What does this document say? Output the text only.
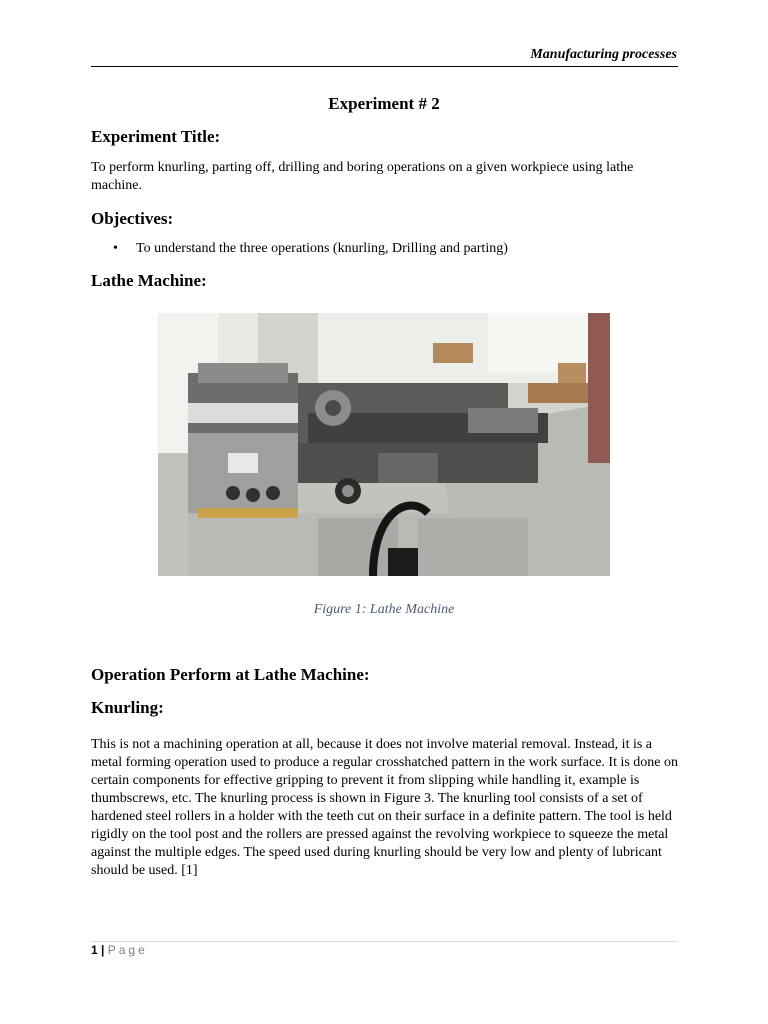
Manufacturing processes
Experiment # 2
Experiment Title:
To perform knurling, parting off, drilling and boring operations on a given workpiece using lathe machine.
Objectives:
• To understand the three operations (knurling, Drilling and parting)
Lathe Machine:
Figure 1: Lathe Machine
Operation Perform at Lathe Machine:
Knurling:
This is not a machining operation at all, because it does not involve material removal. Instead, it is a metal forming operation used to produce a regular crosshatched pattern in the work surface. It is done on certain components for effective gripping to prevent it from slipping while handling it, example is thumbscrews, etc. The knurling process is shown in Figure 3. The knurling tool consists of a set of hardened steel rollers in a holder with the teeth cut on their surface in a definite pattern. The tool is held rigidly on the tool post and the rollers are pressed against the revolving workpiece to squeeze the metal against the multiple edges. The speed used during knurling should be very low and plenty of lubricant should be used. [1]
1 | Page
